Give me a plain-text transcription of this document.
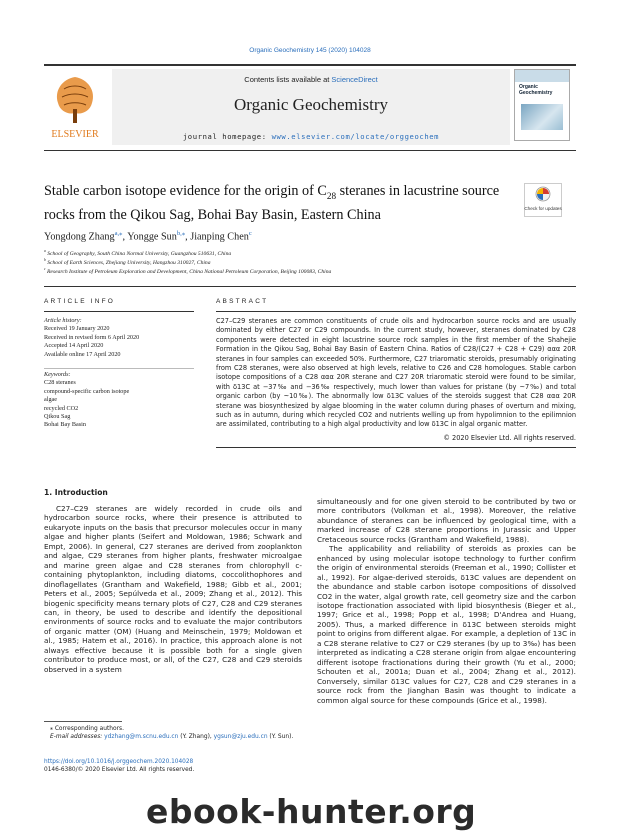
Organic Geochemistry 145 (2020) 104028
ELSEVIER
Contents lists available at ScienceDirect
Organic Geochemistry
journal homepage: www.elsevier.com/locate/orggeochem
Organic Geochemistry
Stable carbon isotope evidence for the origin of $C_{28}$ steranes in lacustrine source rocks from the Qikou Sag, Bohai Bay Basin, Eastern China	Check for updates
Yongdong Zhang$^{a,⁎}$, Yongge Sun$^{b,⁎}$, Jianping Chen$^c$
$^a$ School of Geography, South China Normal University, Guangzhou 510631, China
$^b$ School of Earth Sciences, Zhejiang University, Hangzhou 310027, China
$^c$ Research Institute of Petroleum Exploration and Development, China National Petroleum Corporation, Beijing 100083, China
ARTICLE INFO	ABSTRACT
Article history:
Received 19 January 2020
Received in revised form 6 April 2020
Accepted 14 April 2020
Available online 17 April 2020
Keywords:
C28 steranes
compound-specific carbon isotope
algae
recycled CO2
Qikou Sag
Bohai Bay Basin
C27–C29 steranes are common constituents of crude oils and hydrocarbon source rocks and are usually dominated by either C27 or C29 compounds. In the current study, however, steranes dominated by C28 components were detected in eight lacustrine source rock samples in the first member of the Shahejie Formation in the Qikou Sag, Bohai Bay Basin of Eastern China. Ratios of C28/(C27 + C28 + C29) ααα 20R steranes in four samples can exceeded 50%. Furthermore, C27 triaromatic steroids, presumably originating from C28 steranes, were also observed at high levels, relative to C26 and C28 homologues. Stable carbon isotope compositions of a C28 ααα 20R sterane and C27 20R triaromatic steroid were found to be similar, with δ13C at −37‰ and −36‰ respectively, much lower than values for pristane (by ~7‰) and total organic carbon (by ~10‰). The abnormally low δ13C values of the steroids suggest that C28 ααα 20R sterane was biosynthesized by algae blooming in the water column during phases of overturn and mixing, such as in autumn, during which recycled CO2 and nutrients welling up from hypolimnion to the epilimnion are assimilated, contributing to a high algal productivity and low δ13C in algal organic matter.
© 2020 Elsevier Ltd. All rights reserved.
1. Introduction

C27–C29 steranes are widely recorded in crude oils and hydrocarbon source rocks, where their presence is attributed to eukaryote inputs on the basis that precursor molecules occur in many algae and higher plants (Seifert and Moldowan, 1986; Schwark and Empt, 2006). In general, C27 steranes are derived from zooplankton and algae, C29 steranes from higher plants, freshwater microalgae and marine green algae and C28 steranes from chlorophyll c-containing phytoplankton, including diatoms, coccolithophores and dinoflagellates (Grantham and Wakefield, 1988; Gibb et al., 2001; Peters et al., 2005; Sepúlveda et al., 2009; Zhang et al., 2012). This biogenic specificity means ternary plots of C27, C28 and C29 steranes can, in theory, be used to describe and identify the depositional environments of source rocks and to evaluate the major contributors of organic matter (OM) (Huang and Meinschein, 1979; Moldowan et al., 1985; Hatem et al., 2016). In practice, this approach alone is not always effective because it is possible both for a single given contributor to produce most, or all, of the C27, C28 and C29 steroids observed in a system

simultaneously and for one given steroid to be contributed by two or more contributors (Volkman et al., 1998). Moreover, the relative abundance of steranes can be influenced by geological time, with a marked increase of C28 sterane proportions in Jurassic and Upper Cretaceous source rocks (Grantham and Wakefield, 1988).

The applicability and reliability of steroids as proxies can be enhanced by using molecular isotope technology to further confirm the origin of environmental steroids (Freeman et al., 1990; Collister et al., 1992). For algae-derived steroids, δ13C values are dependent on the abundance and stable carbon isotope compositions of dissolved CO2 in the water, algal growth rate, cell geometry size and the carbon isotope fractionation associated with lipid biosynthesis (Bieger et al., 1997; Grice et al., 1998; Popp et al., 1998; D'Andrea and Huang, 2005). Thus, a marked difference in δ13C between steroids might point to origins from different algae. For example, a depletion of 13C in a C28 sterane relative to C27 or C29 steranes (by up to 3‰) has been interpreted as indicating a C28 sterane origin from algae encountering different isotope fractionations during their growth (Yu et al., 2000; Schouten et al., 2001a; Duan et al., 2004; Zhang et al., 2012). Conversely, similar δ13C values for C27, C28 and C29 steranes in a source rock from the Jianghan Basin was thought to indicate a common algal source for these compounds (Grice et al., 1998).

⁎ Corresponding authors.
E-mail addresses: ydzhang@m.scnu.edu.cn (Y. Zhang), ygsun@zju.edu.cn (Y. Sun).
https://doi.org/10.1016/j.orggeochem.2020.104028
0146-6380/© 2020 Elsevier Ltd. All rights reserved.
ebook-hunter.org
